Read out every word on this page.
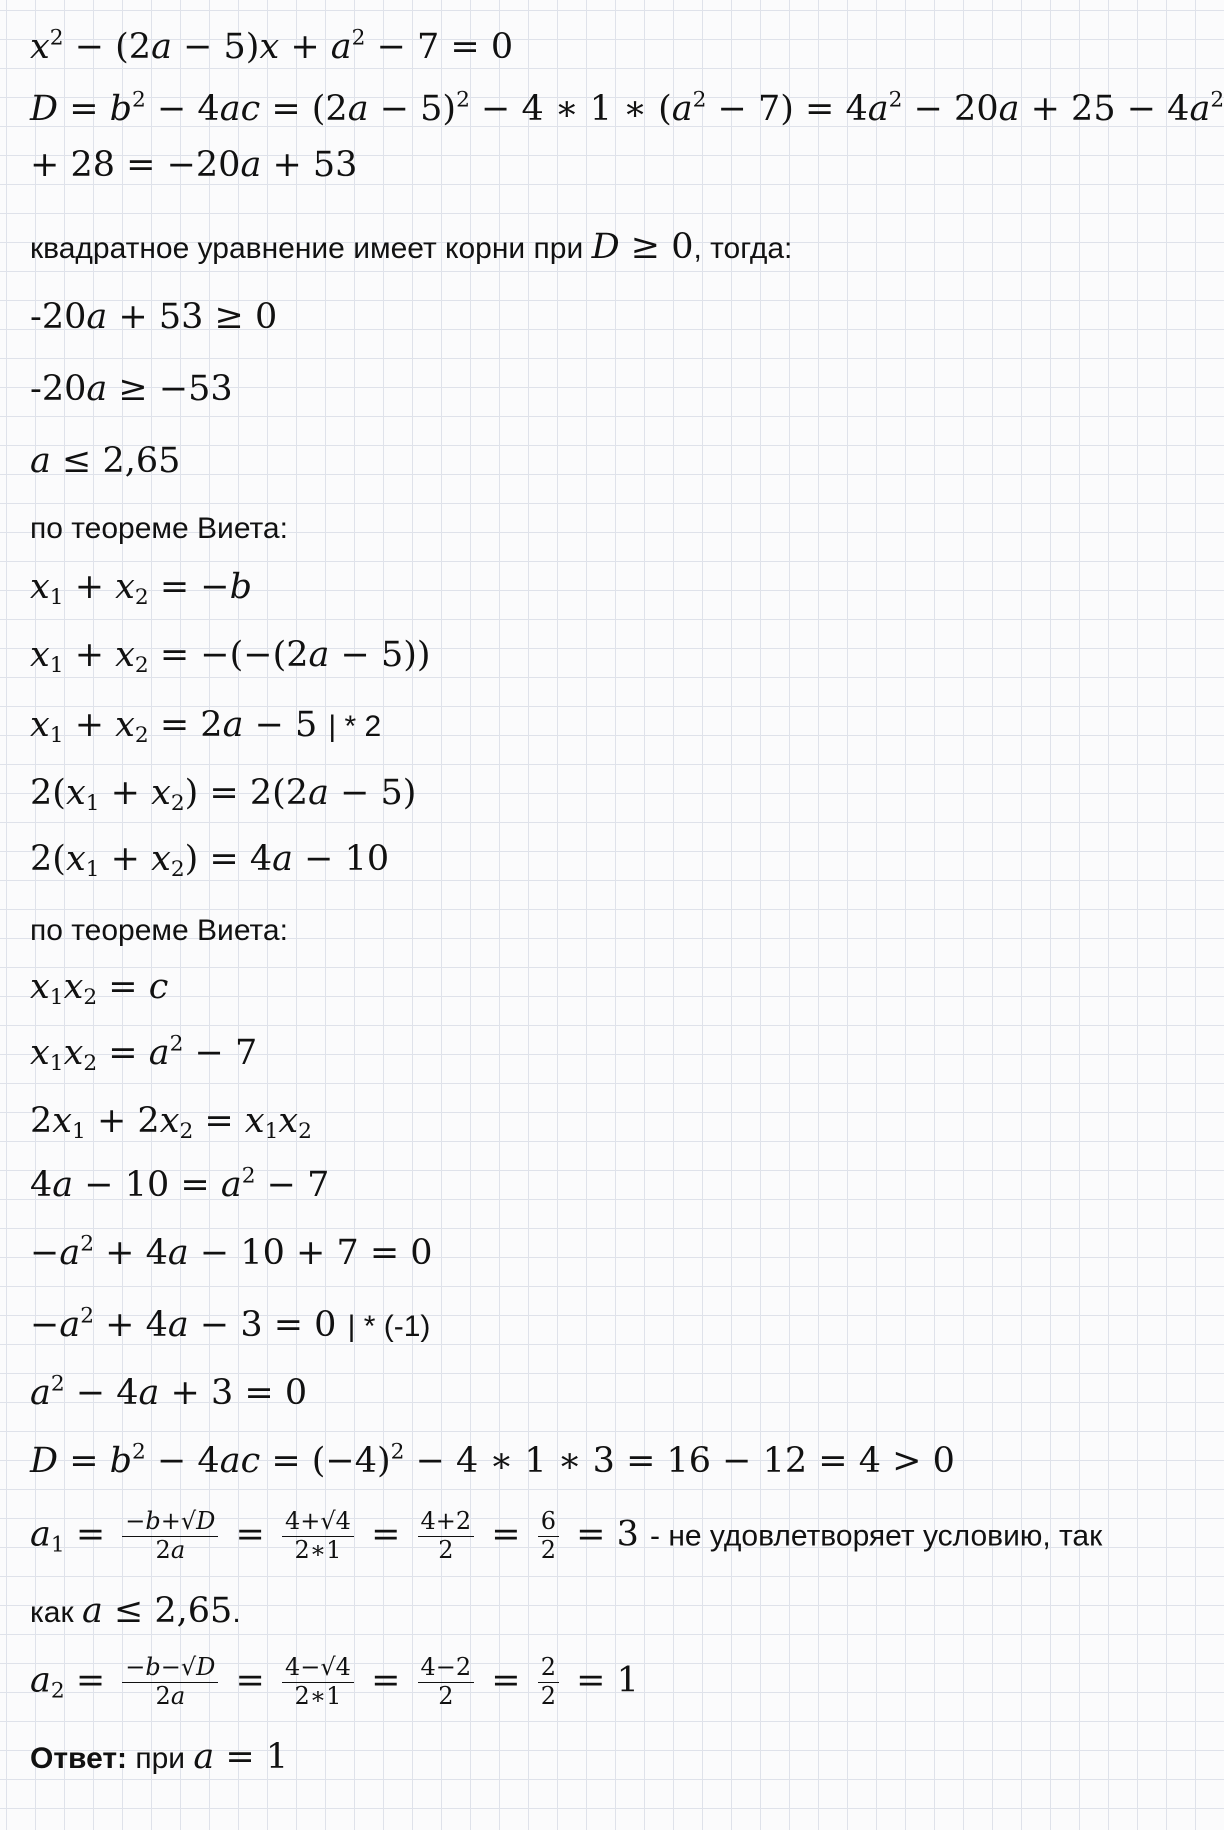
$x^2 - (2a - 5)x + a^2 - 7 = 0$
$D = b^2 - 4ac = (2a - 5)^2 - 4$ ∗ 1 ∗ $(a^2 - 7) = 4a^2 - 20a + 25 - 4a^2$
+ 28 = −20a + 53
квадратное уравнение имеет корни при D ≥ 0, тогда:
-20a + 53 ≥ 0
-20a ≥ −53
a ≤ 2,65
по теореме Виета:
$x_1 + x_2 = -b$
$x_1 + x_2 = -(-(2a - 5))$
$x_1 + x_2 = 2a - 5$ | * 2
$2(x_1 + x_2) = 2(2a - 5)$
$2(x_1 + x_2) = 4a - 10$
по теореме Виета:
$x_1x_2 = c$
$x_1x_2 = a^2 - 7$
$2x_1 + 2x_2 = x_1x_2$
$4a - 10 = a^2 - 7$
$-a^2 + 4a - 10 + 7 = 0$
$-a^2 + 4a - 3 = 0$ | * (-1)
$a^2 - 4a + 3 = 0$
$D = b^2 - 4ac = (-4)^2 - 4$ ∗ 1 ∗ 3 = 16 − 12 = 4 > 0
$a_1 = \frac{-b+√D}{2a} = \frac{4+√4}{2∗1} = \frac{4+2}{2} = \frac{6}{2} = 3$ - не удовлетворяет условию, так
как a ≤ 2,65.
$a_2 = \frac{-b-√D}{2a} = \frac{4-√4}{2∗1} = \frac{4-2}{2} = \frac{2}{2} = 1$
Ответ: при a = 1
